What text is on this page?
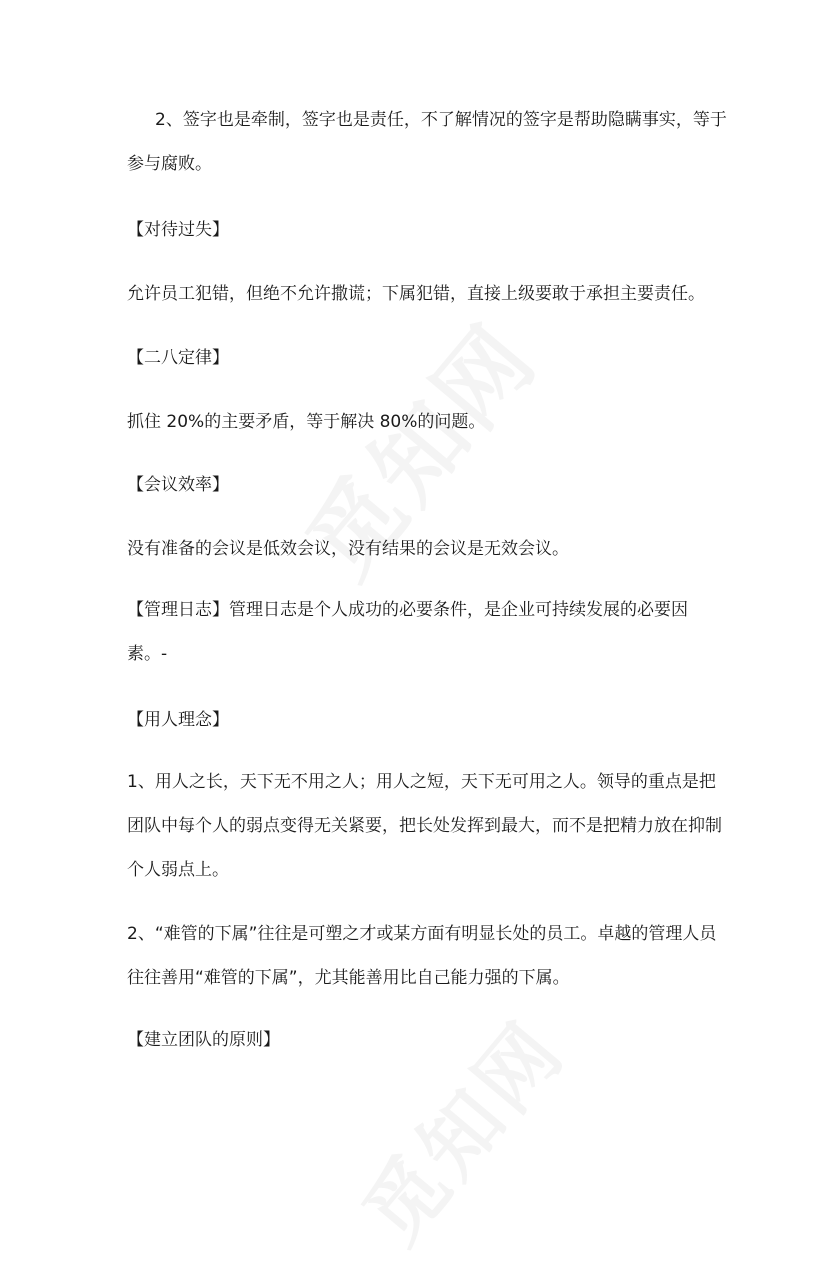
2、签字也是牵制，签字也是责任，不了解情况的签字是帮助隐瞒事实，等于参与腐败。

【对待过失】

允许员工犯错，但绝不允许撒谎；下属犯错，直接上级要敢于承担主要责任。

【二八定律】

抓住 20%的主要矛盾，等于解决 80%的问题。

【会议效率】

没有准备的会议是低效会议，没有结果的会议是无效会议。

【管理日志】管理日志是个人成功的必要条件，是企业可持续发展的必要因素。-

【用人理念】

1、用人之长，天下无不用之人；用人之短，天下无可用之人。领导的重点是把团队中每个人的弱点变得无关紧要，把长处发挥到最大，而不是把精力放在抑制个人弱点上。

2、“难管的下属”往往是可塑之才或某方面有明显长处的员工。卓越的管理人员往往善用“难管的下属”，尤其能善用比自己能力强的下属。

【建立团队的原则】
